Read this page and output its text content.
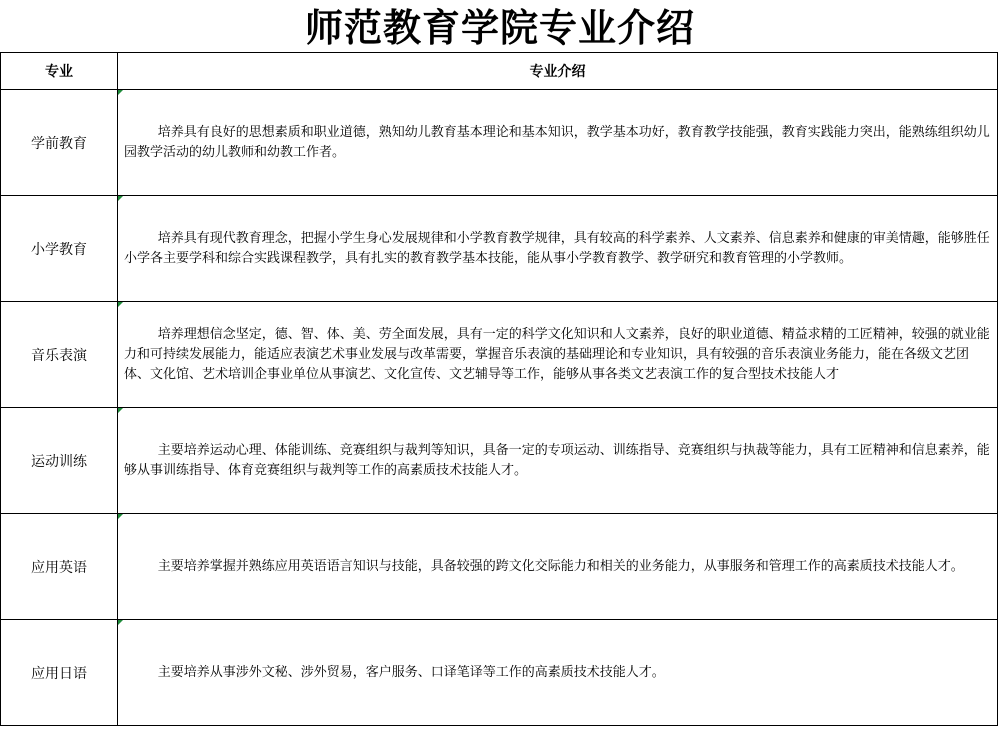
师范教育学院专业介绍
专业	专业介绍
学前教育	培养具有良好的思想素质和职业道德，熟知幼儿教育基本理论和基本知识，教学基本功好，教育教学技能强，教育实践能力突出，能熟练组织幼儿园教学活动的幼儿教师和幼教工作者。
小学教育	培养具有现代教育理念，把握小学生身心发展规律和小学教育教学规律，具有较高的科学素养、人文素养、信息素养和健康的审美情趣，能够胜任小学各主要学科和综合实践课程教学，具有扎实的教育教学基本技能，能从事小学教育教学、教学研究和教育管理的小学教师。
音乐表演	培养理想信念坚定，德、智、体、美、劳全面发展，具有一定的科学文化知识和人文素养，良好的职业道德、精益求精的工匠精神，较强的就业能力和可持续发展能力，能适应表演艺术事业发展与改革需要，掌握音乐表演的基础理论和专业知识，具有较强的音乐表演业务能力，能在各级文艺团体、文化馆、艺术培训企事业单位从事演艺、文化宣传、文艺辅导等工作，能够从事各类文艺表演工作的复合型技术技能人才
运动训练	主要培养运动心理、体能训练、竞赛组织与裁判等知识，具备一定的专项运动、训练指导、竞赛组织与执裁等能力，具有工匠精神和信息素养，能够从事训练指导、体育竞赛组织与裁判等工作的高素质技术技能人才。
应用英语	主要培养掌握并熟练应用英语语言知识与技能，具备较强的跨文化交际能力和相关的业务能力，从事服务和管理工作的高素质技术技能人才。
应用日语	主要培养从事涉外文秘、涉外贸易，客户服务、口译笔译等工作的高素质技术技能人才。
